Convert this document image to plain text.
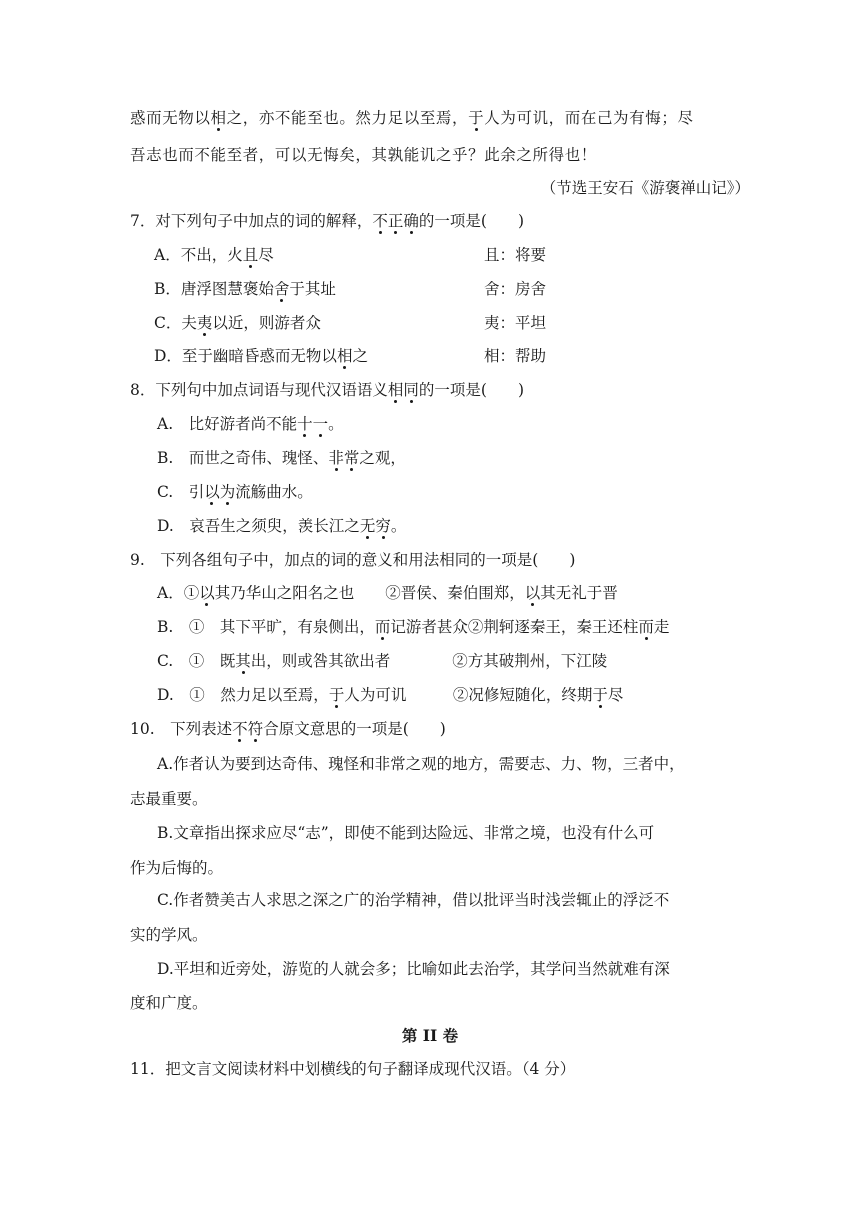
惑而无物以相之，亦不能至也。然力足以至焉，于人为可讥，而在己为有悔；尽
吾志也而不能至者，可以无悔矣，其孰能讥之乎？此余之所得也！
（节选王安石《游褒禅山记》）
7．对下列句子中加点的词的解释，不正确的一项是(　　)
A．不出，火且尽	且：将要
B．唐浮图慧褒始舍于其址	舍：房舍
C．夫夷以近，则游者众	夷：平坦
D．至于幽暗昏惑而无物以相之	相：帮助
8．下列句中加点词语与现代汉语语义相同的一项是(　　)
A.　比好游者尚不能十一。
B.　而世之奇伟、瑰怪、非常之观，
C.　引以为流觞曲水。
D.　哀吾生之须臾，羡长江之无穷。
9.　下列各组句子中，加点的词的意义和用法相同的一项是(　　)
A．①以其乃华山之阳名之也　　②晋侯、秦伯围郑，以其无礼于晋
B.　①　其下平旷，有泉侧出，而记游者甚众②荆轲逐秦王，秦王还柱而走
C.　①　既其出，则或咎其欲出者　　　　②方其破荆州，下江陵
D.　①　然力足以至焉，于人为可讥　　　②况修短随化，终期于尽
10.　下列表述不符合原文意思的一项是(　　)
A.作者认为要到达奇伟、瑰怪和非常之观的地方，需要志、力、物，三者中，
志最重要。
B.文章指出探求应尽“志”，即使不能到达险远、非常之境，也没有什么可
作为后悔的。
C.作者赞美古人求思之深之广的治学精神，借以批评当时浅尝辄止的浮泛不
实的学风。
D.平坦和近旁处，游览的人就会多；比喻如此去治学，其学问当然就难有深
度和广度。
第 II 卷
11．把文言文阅读材料中划横线的句子翻译成现代汉语。（4 分）
